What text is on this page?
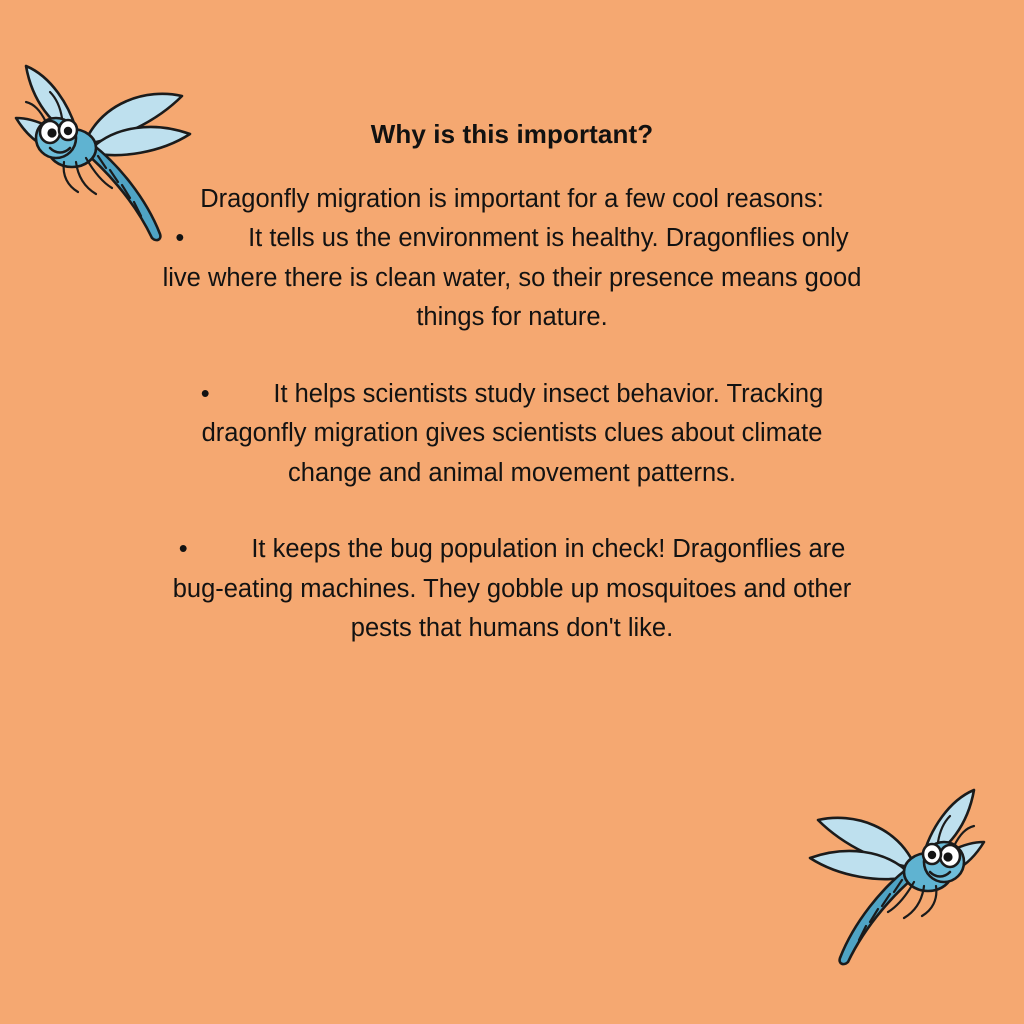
Why is this important?

Dragonfly migration is important for a few cool reasons:

• It tells us the environment is healthy. Dragonflies only live where there is clean water, so their presence means good things for nature.

• It helps scientists study insect behavior. Tracking dragonfly migration gives scientists clues about climate change and animal movement patterns.

• It keeps the bug population in check! Dragonflies are bug-eating machines. They gobble up mosquitoes and other pests that humans don't like.
